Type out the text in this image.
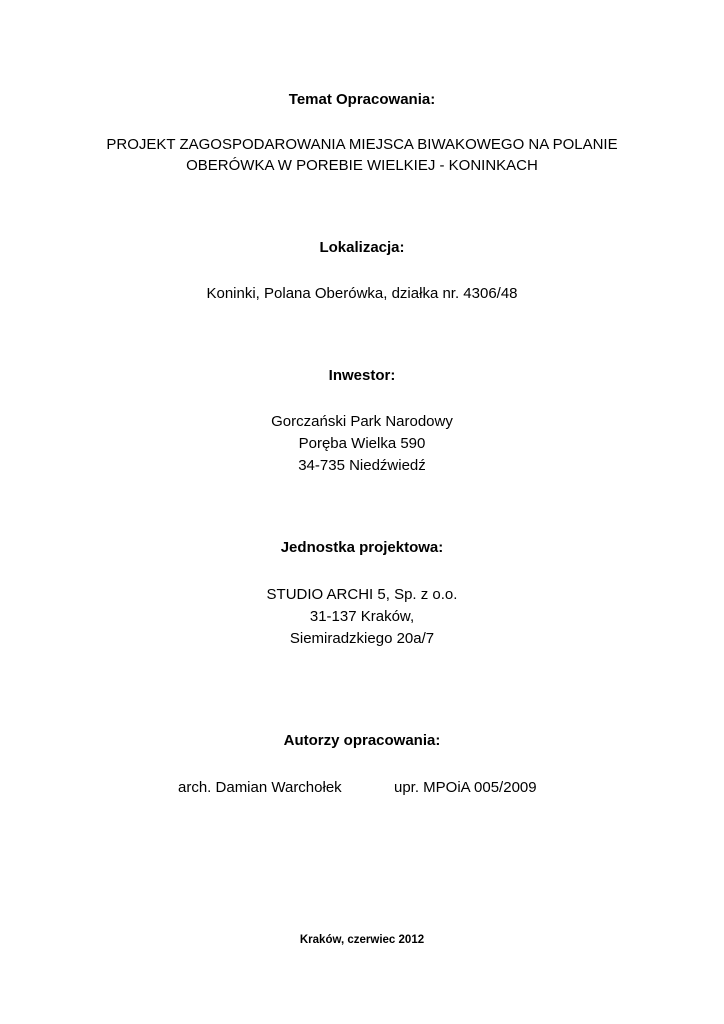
Temat Opracowania:
PROJEKT ZAGOSPODAROWANIA MIEJSCA BIWAKOWEGO NA POLANIE
OBERÓWKA W POREBIE WIELKIEJ - KONINKACH
Lokalizacja:
Koninki, Polana Oberówka, działka nr. 4306/48
Inwestor:
Gorczański Park Narodowy
Poręba Wielka 590
34-735 Niedźwiedź
Jednostka projektowa:
STUDIO ARCHI 5, Sp. z o.o.
31-137 Kraków,
Siemiradzkiego 20a/7
Autorzy opracowania:
arch. Damian Warchołek	upr. MPOiA 005/2009
Kraków, czerwiec 2012
